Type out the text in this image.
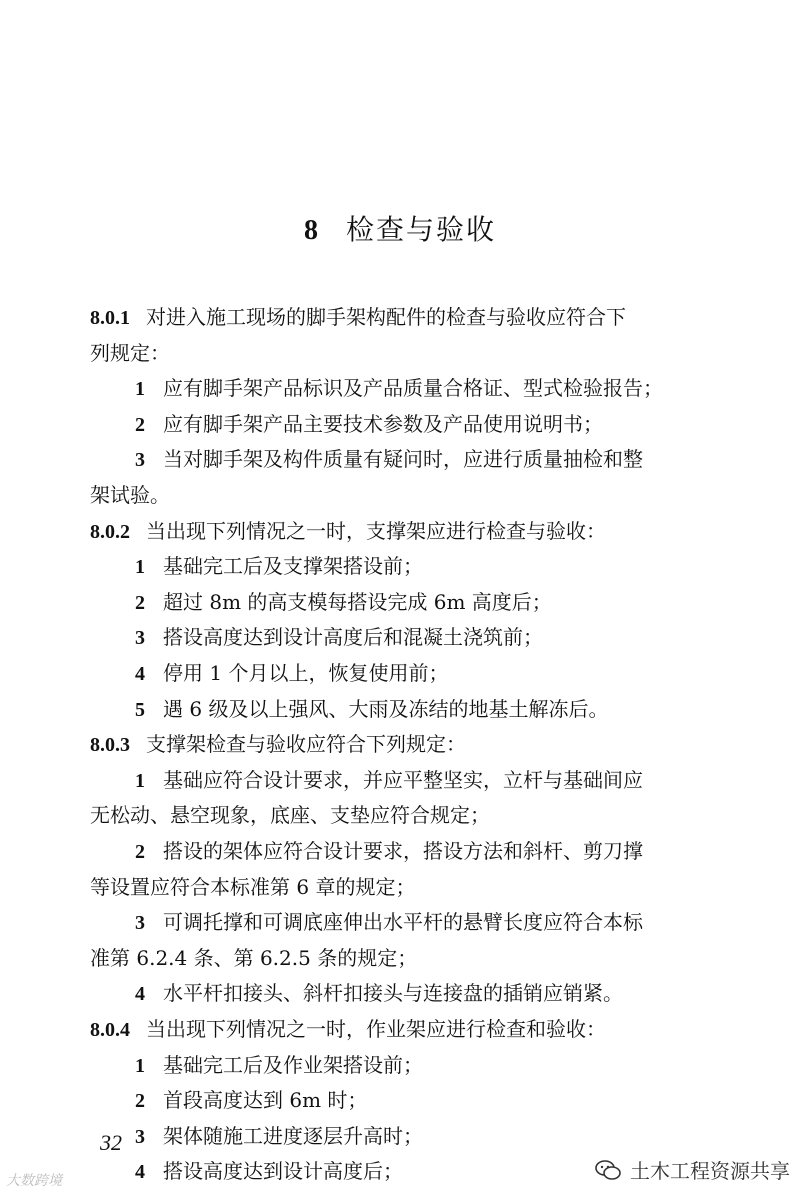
8 检查与验收
8.0.1 对进入施工现场的脚手架构配件的检查与验收应符合下
列规定：
1 应有脚手架产品标识及产品质量合格证、型式检验报告；
2 应有脚手架产品主要技术参数及产品使用说明书；
3 当对脚手架及构件质量有疑问时，应进行质量抽检和整
架试验。
8.0.2 当出现下列情况之一时，支撑架应进行检查与验收：
1 基础完工后及支撑架搭设前；
2 超过 8m 的高支模每搭设完成 6m 高度后；
3 搭设高度达到设计高度后和混凝土浇筑前；
4 停用 1 个月以上，恢复使用前；
5 遇 6 级及以上强风、大雨及冻结的地基土解冻后。
8.0.3 支撑架检查与验收应符合下列规定：
1 基础应符合设计要求，并应平整坚实，立杆与基础间应
无松动、悬空现象，底座、支垫应符合规定；
2 搭设的架体应符合设计要求，搭设方法和斜杆、剪刀撑
等设置应符合本标准第 6 章的规定；
3 可调托撑和可调底座伸出水平杆的悬臂长度应符合本标
准第 6.2.4 条、第 6.2.5 条的规定；
4 水平杆扣接头、斜杆扣接头与连接盘的插销应销紧。
8.0.4 当出现下列情况之一时，作业架应进行检查和验收：
1 基础完工后及作业架搭设前；
2 首段高度达到 6m 时；
3 架体随施工进度逐层升高时；
4 搭设高度达到设计高度后；
32
大数跨境	土木工程资源共享
